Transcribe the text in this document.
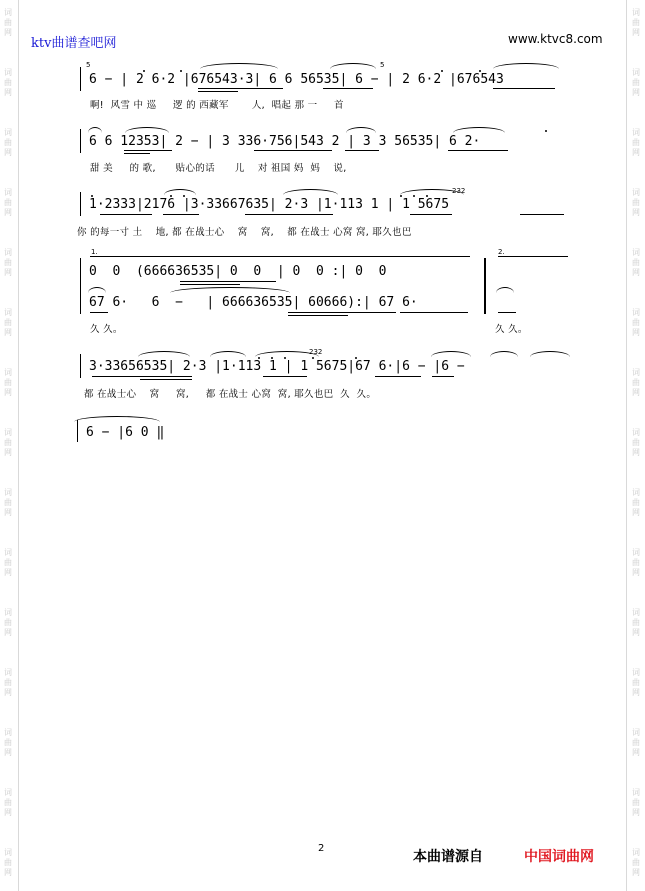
词
曲
网
词
曲
网
词
曲
网
词
曲
网
词
曲
网
词
曲
网
词
曲
网
词
曲
网
词
曲
网
词
曲
网
词
曲
网
词
曲
网
词
曲
网
词
曲
网
词
曲
网
词
曲
网
词
曲
网
词
曲
网
词
曲
网
词
曲
网
词
曲
网
词
曲
网
词
曲
网
词
曲
网
词
曲
网
词
曲
网
词
曲
网
词
曲
网
词
曲
网
词
曲
网
ktv曲谱查吧网	www.ktvc8.com
5	5
6 − | 2 6·2 |676543·3| 6 6 56535| 6 − | 2 6·2 |676543
啊!  风雪 中 巡     逻 的 西藏军       人,  唱起 那 一     首
6 6 12353| 2 − | 3 336·756|543 2 | 3 3 56535| 6 2·
甜 美     的 歌,      贴心的话      儿    对 祖国 妈  妈    说,
1·2333|2176 |3·33667635| 2·3 |1·113 1 | 1 5675
你 的每一寸 土    地, 都 在战士心    窝    窝,    都 在战士 心窝 窝, 耶久也巴
232
1.	2.
0  0  (666636535| 0  0  | 0  0 :| 0  0
67 6·   6  −   | 666636535| 60666):| 67 6·
久 久。	久 久。
3·33656535| 2·3 |1·113 1 | 1 5675|67 6·|6 − |6 −
都 在战士心    窝     窝,     都 在战士 心窝  窝, 耶久也巴  久  久。
232
6 − |6 0 ‖
2
本曲谱源自	中国词曲网
